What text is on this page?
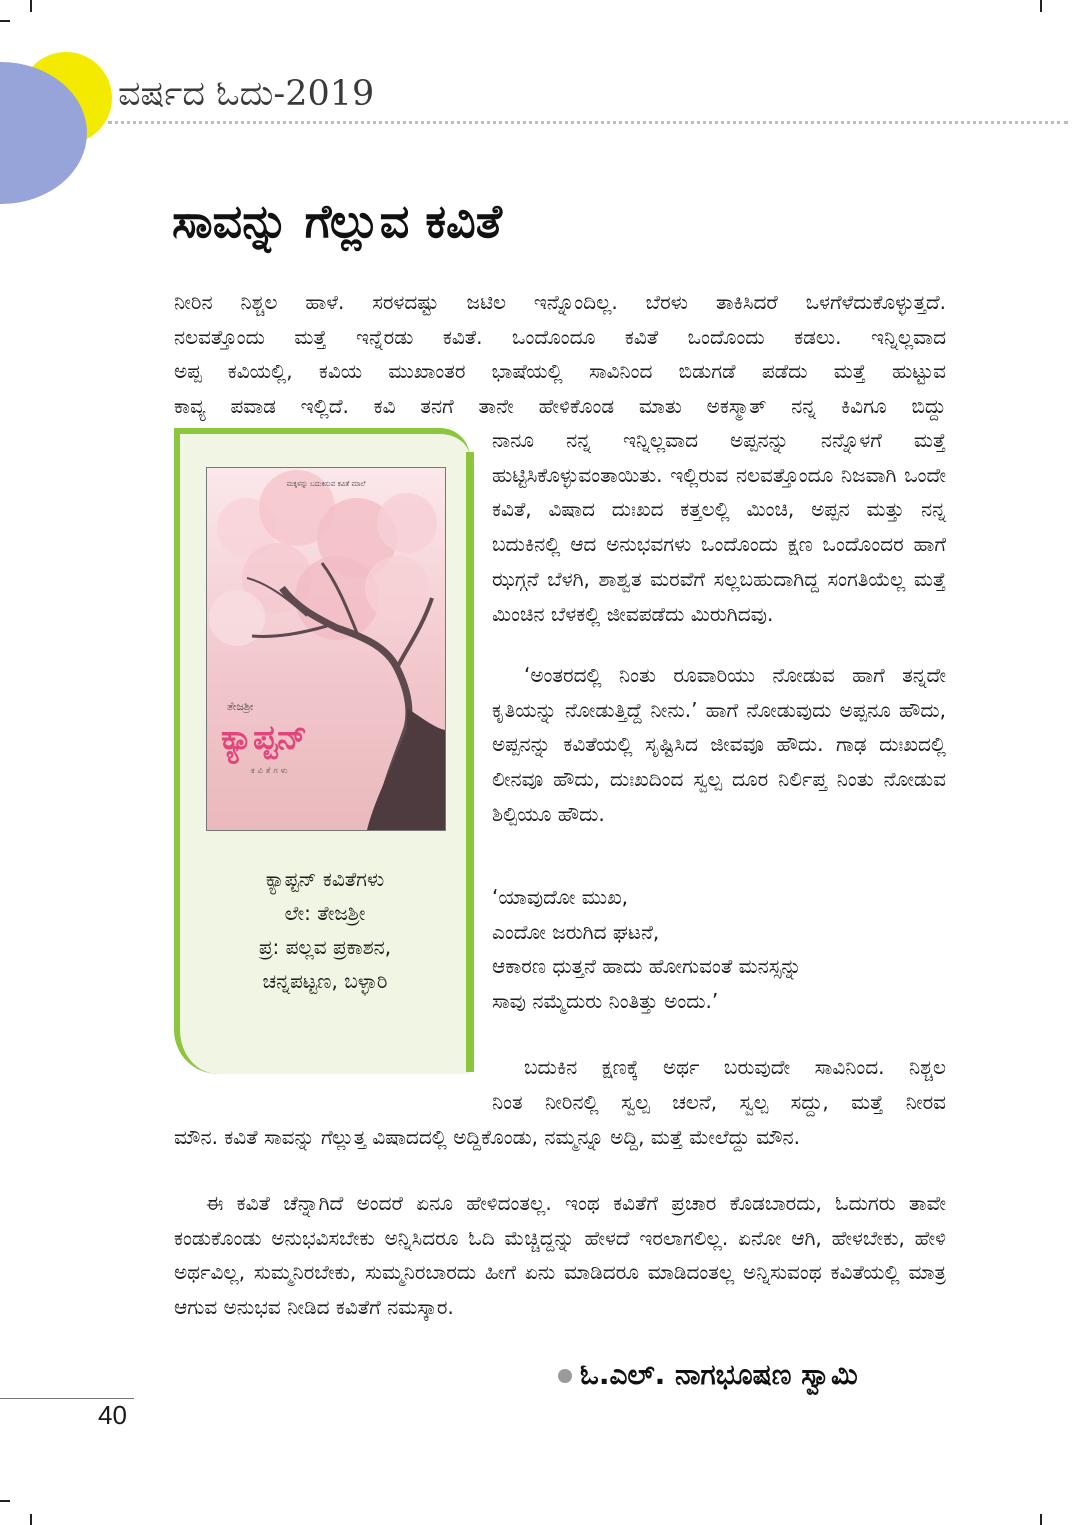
ವರ್ಷದ ಓದು-2019
ಸಾವನ್ನು ಗೆಲ್ಲುವ ಕವಿತೆ
ನೀರಿನ ನಿಶ್ಚಲ ಹಾಳೆ. ಸರಳದಷ್ಟು ಜಟಿಲ ಇನ್ನೊಂದಿಲ್ಲ. ಬೆರಳು ತಾಕಿಸಿದರೆ ಒಳಗೆಳೆದುಕೊಳ್ಳುತ್ತದೆ.
ನಲವತ್ತೊಂದು ಮತ್ತೆ ಇನ್ನೆರಡು ಕವಿತೆ. ಒಂದೊಂದೂ ಕವಿತೆ ಒಂದೊಂದು ಕಡಲು. ಇನ್ನಿಲ್ಲವಾದ
ಅಪ್ಪ ಕವಿಯಲ್ಲಿ, ಕವಿಯ ಮುಖಾಂತರ ಭಾಷೆಯಲ್ಲಿ ಸಾವಿನಿಂದ ಬಿಡುಗಡೆ ಪಡೆದು ಮತ್ತೆ ಹುಟ್ಟುವ
ಕಾವ್ಯ ಪವಾಡ ಇಲ್ಲಿದೆ. ಕವಿ ತನಗೆ ತಾನೇ ಹೇಳಿಕೊಂಡ ಮಾತು ಅಕಸ್ಮಾತ್ ನನ್ನ ಕಿವಿಗೂ ಬಿದ್ದು

ನಾನೂ ನನ್ನ ಇನ್ನಿಲ್ಲವಾದ ಅಪ್ಪನನ್ನು ನನ್ನೊಳಗೆ ಮತ್ತೆ ಹುಟ್ಟಿಸಿಕೊಳ್ಳುವಂತಾಯಿತು. ಇಲ್ಲಿರುವ ನಲವತ್ತೊಂದೂ ನಿಜವಾಗಿ ಒಂದೇ ಕವಿತೆ, ವಿಷಾದ ದುಃಖದ ಕತ್ತಲಲ್ಲಿ ಮಿಂಚಿ, ಅಪ್ಪನ ಮತ್ತು ನನ್ನ ಬದುಕಿನಲ್ಲಿ ಆದ ಅನುಭವಗಳು ಒಂದೊಂದು ಕ್ಷಣ ಒಂದೊಂದರ ಹಾಗೆ ಝಗ್ಗನೆ ಬೆಳಗಿ, ಶಾಶ್ವತ ಮರವೆಗೆ ಸಲ್ಲಬಹುದಾಗಿದ್ದ ಸಂಗತಿಯೆಲ್ಲ ಮತ್ತೆ ಮಿಂಚಿನ ಬೆಳಕಲ್ಲಿ ಜೀವಪಡೆದು ಮಿರುಗಿದವು.

‘ಅಂತರದಲ್ಲಿ ನಿಂತು ರೂವಾರಿಯು ನೋಡುವ ಹಾಗೆ ತನ್ನದೇ ಕೃತಿಯನ್ನು ನೋಡುತ್ತಿದ್ದೆ ನೀನು.’ ಹಾಗೆ ನೋಡುವುದು ಅಪ್ಪನೂ ಹೌದು, ಅಪ್ಪನನ್ನು ಕವಿತೆಯಲ್ಲಿ ಸೃಷ್ಟಿಸಿದ ಜೀವವೂ ಹೌದು. ಗಾಢ ದುಃಖದಲ್ಲಿ ಲೀನವೂ ಹೌದು, ದುಃಖದಿಂದ ಸ್ವಲ್ಪ ದೂರ ನಿರ್ಲಿಪ್ತ ನಿಂತು ನೋಡುವ ಶಿಲ್ಪಿಯೂ ಹೌದು.

‘ಯಾವುದೋ ಮುಖ,
ಎಂದೋ ಜರುಗಿದ ಘಟನೆ,
ಆಕಾರಣ ಧುತ್ತನೆ ಹಾದು ಹೋಗುವಂತೆ ಮನಸ್ಸನ್ನು
ಸಾವು ನಮ್ಮೆದುರು ನಿಂತಿತ್ತು ಅಂದು.’
ಮಕ್ಕಳನ್ನು ಬದುಕಿಸುವ ಕವಿತೆ ಮಾಲೆ
ತೇಜಶ್ರೀ
ಕ್ಯಾಪ್ಟನ್
ಕವಿತೆಗಳು
ಕ್ಯಾಪ್ಟನ್ ಕವಿತೆಗಳು
ಲೇ: ತೇಜಶ್ರೀ
ಪ್ರ: ಪಲ್ಲವ ಪ್ರಕಾಶನ,
ಚನ್ನಪಟ್ಟಣ, ಬಳ್ಳಾರಿ
ಬದುಕಿನ ಕ್ಷಣಕ್ಕೆ ಅರ್ಥ ಬರುವುದೇ ಸಾವಿನಿಂದ. ನಿಶ್ಚಲ
ನಿಂತ ನೀರಿನಲ್ಲಿ ಸ್ವಲ್ಪ ಚಲನೆ, ಸ್ವಲ್ಪ ಸದ್ದು, ಮತ್ತೆ ನೀರವ

ಮೌನ. ಕವಿತೆ ಸಾವನ್ನು ಗೆಲ್ಲುತ್ತ ವಿಷಾದದಲ್ಲಿ ಅದ್ದಿಕೊಂಡು, ನಮ್ಮನ್ನೂ ಅದ್ದಿ, ಮತ್ತೆ ಮೇಲೆದ್ದು ಮೌನ.

ಈ ಕವಿತೆ ಚೆನ್ನಾಗಿದೆ ಅಂದರೆ ಏನೂ ಹೇಳಿದಂತಲ್ಲ. ಇಂಥ ಕವಿತೆಗೆ ಪ್ರಚಾರ ಕೊಡಬಾರದು, ಓದುಗರು ತಾವೇ ಕಂಡುಕೊಂಡು ಅನುಭವಿಸಬೇಕು ಅನ್ನಿಸಿದರೂ ಓದಿ ಮೆಚ್ಚಿದ್ದನ್ನು ಹೇಳದೆ ಇರಲಾಗಲಿಲ್ಲ. ಏನೋ ಆಗಿ, ಹೇಳಬೇಕು, ಹೇಳಿ ಅರ್ಥವಿಲ್ಲ, ಸುಮ್ಮನಿರಬೇಕು, ಸುಮ್ಮನಿರಬಾರದು ಹೀಗೆ ಏನು ಮಾಡಿದರೂ ಮಾಡಿದಂತಲ್ಲ ಅನ್ನಿಸುವಂಥ ಕವಿತೆಯಲ್ಲಿ ಮಾತ್ರ ಆಗುವ ಅನುಭವ ನೀಡಿದ ಕವಿತೆಗೆ ನಮಸ್ಕಾರ.

ಓ.ಎಲ್. ನಾಗಭೂಷಣ ಸ್ವಾಮಿ
40
